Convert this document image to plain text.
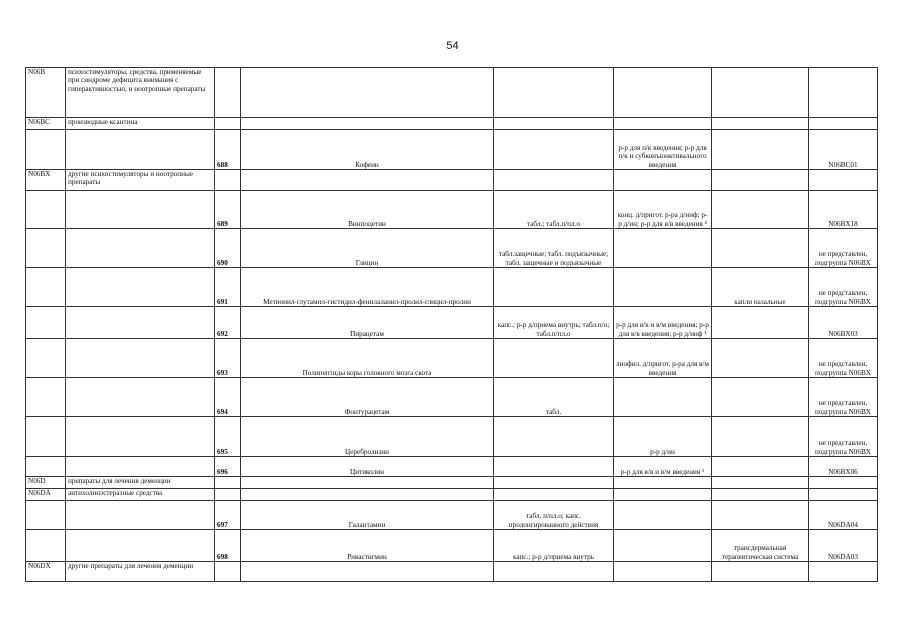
54
N06B	психостимуляторы, средства, применяемые при синдроме дефицита внимания с гиперактивностью, и ноотропные препараты						
N06BC	производные ксантина						
		688	Кофеин		р-р для п/к введения; р-р для п/к и субконъюнктивального введения		N06BC01
N06BX	другие психостимуляторы и ноотропные препараты						
		689	Винпоцетин	табл.; табл.п/пл.о	конц. д/пригот. р-ра д/инф; р-р д/ин; р-р для в/в введения ²		N06BX18
		690	Глицин	табл.защечные; табл. подъязычные; табл. защечные и подъязычные			не представлен, подгруппа N06BX
		691	Метионил-глутамил-гистидил-фенилаланил-пролил-глицил-пролин			капли назальные	не представлен, подгруппа N06BX
		692	Пирацетам	капс.; р-р д/приема внутрь; табл.п/о; табл.п/пл.о	р-р для в/в и в/м введения; р-р для в/в введения; р-р д/инф ¹		N06BX03
		693	Полипептиды коры головного мозга скота		лиофил. д/пригот. р-ра для в/м введения		не представлен, подгруппа N06BX
		694	Фонтурацетам	табл.			не представлен, подгруппа N06BX
		695	Церебролизин		р-р д/ин		не представлен, подгруппа N06BX
		696	Цитиколин		р-р для в/в и в/м введения ¹		N06BX06
N06D	препараты для лечения деменции						
N06DA	антихолинэстеразные средства						
		697	Галантамин	табл. п/пл.о; капс. пролонгированного действия			N06DA04
		698	Ривастигмин	капс.; р-р д/приема внутрь		трансдермальная терапевтическая система	N06DA03
N06DX	другие препараты для лечения деменции						
